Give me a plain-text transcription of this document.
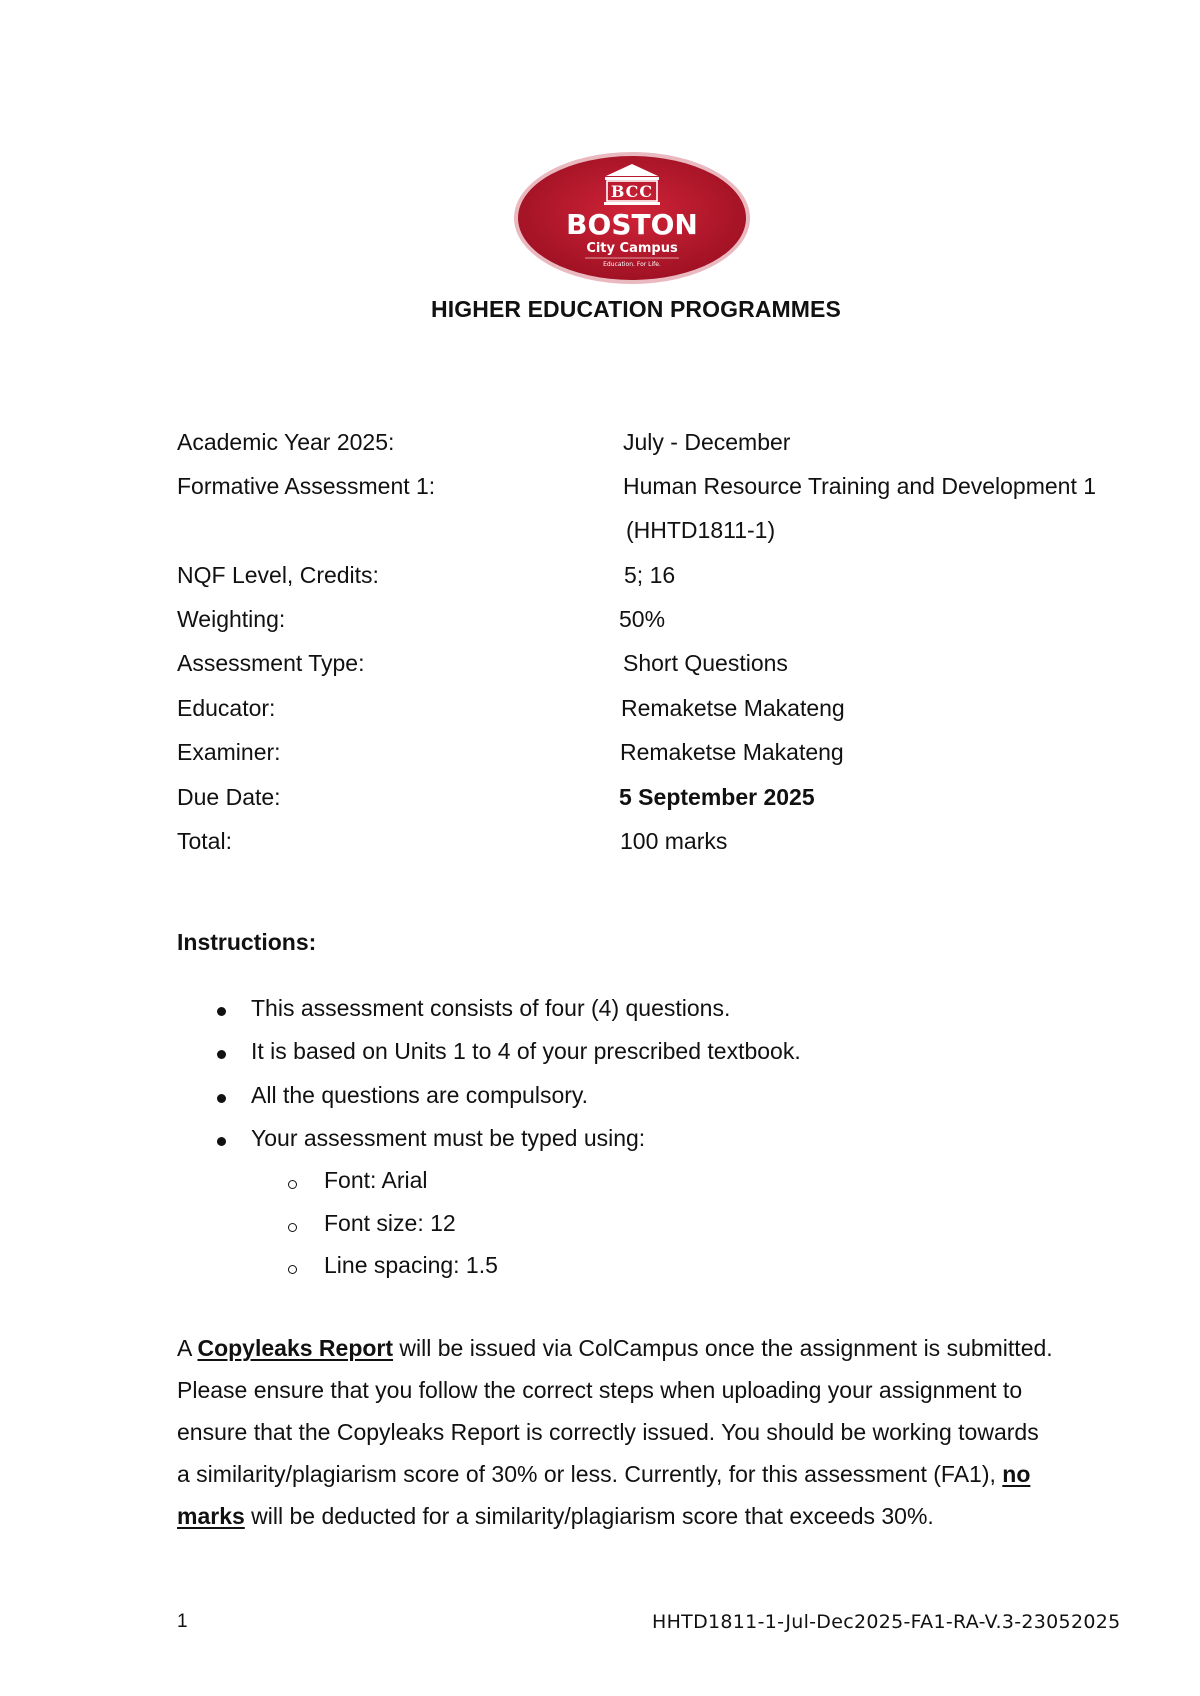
BCC
BOSTON
City Campus
Education. For Life.
HIGHER EDUCATION PROGRAMMES
Academic Year 2025:	July - December
Formative Assessment 1:	Human Resource Training and Development 1
(HHTD1811-1)
NQF Level, Credits:	5; 16
Weighting:	50%
Assessment Type:	Short Questions
Educator:	Remaketse Makateng
Examiner:	Remaketse Makateng
Due Date:	5 September 2025
Total:	100 marks
Instructions:
This assessment consists of four (4) questions.
It is based on Units 1 to 4 of your prescribed textbook.
All the questions are compulsory.
Your assessment must be typed using:
Font: Arial
Font size: 12
Line spacing: 1.5
A Copyleaks Report will be issued via ColCampus once the assignment is submitted.
Please ensure that you follow the correct steps when uploading your assignment to
ensure that the Copyleaks Report is correctly issued. You should be working towards
a similarity/plagiarism score of 30% or less. Currently, for this assessment (FA1), no
marks will be deducted for a similarity/plagiarism score that exceeds 30%.
1	HHTD1811-1-Jul-Dec2025-FA1-RA-V.3-23052025
